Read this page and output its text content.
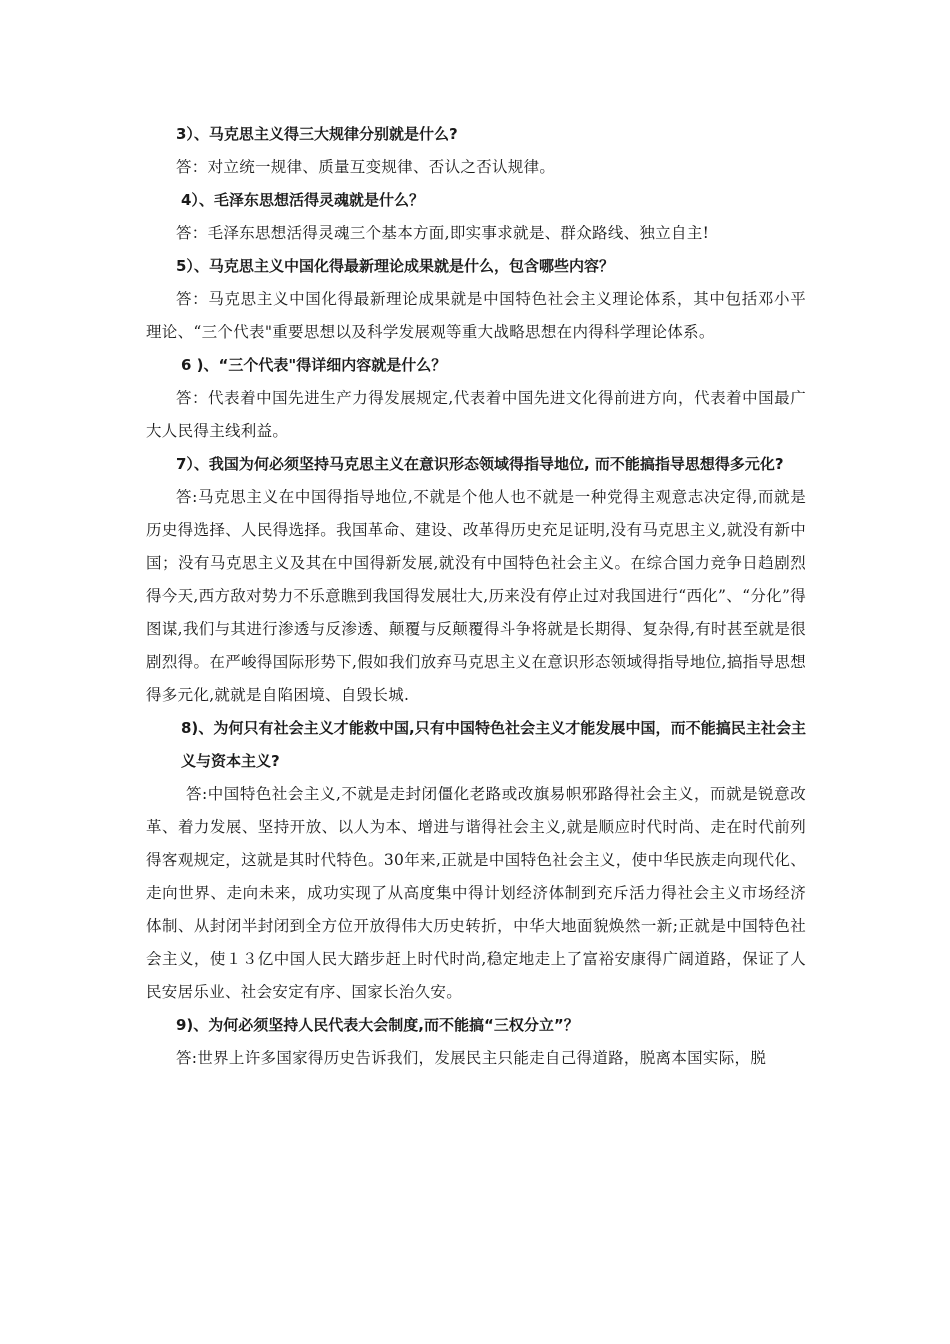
3）、马克思主义得三大规律分别就是什么?

答：对立统一规律、质量互变规律、否认之否认规律。

4）、毛泽东思想活得灵魂就是什么？

答：毛泽东思想活得灵魂三个基本方面,即实事求就是、群众路线、独立自主!

5）、马克思主义中国化得最新理论成果就是什么，包含哪些内容？

答：马克思主义中国化得最新理论成果就是中国特色社会主义理论体系，其中包括邓小平理论、“三个代表"重要思想以及科学发展观等重大战略思想在内得科学理论体系。

6 )、“三个代表"得详细内容就是什么？

答：代表着中国先进生产力得发展规定,代表着中国先进文化得前进方向，代表着中国最广大人民得主线利益。

7）、我国为何必须坚持马克思主义在意识形态领域得指导地位, 而不能搞指导思想得多元化?

答:马克思主义在中国得指导地位,不就是个他人也不就是一种党得主观意志决定得,而就是历史得选择、人民得选择。我国革命、建设、改革得历史充足证明,没有马克思主义,就没有新中国；没有马克思主义及其在中国得新发展,就没有中国特色社会主义。在综合国力竞争日趋剧烈得今天,西方敌对势力不乐意瞧到我国得发展壮大,历来没有停止过对我国进行“西化”、“分化”得图谋,我们与其进行渗透与反渗透、颠覆与反颠覆得斗争将就是长期得、复杂得,有时甚至就是很剧烈得。在严峻得国际形势下,假如我们放弃马克思主义在意识形态领域得指导地位,搞指导思想得多元化,就就是自陷困境、自毁长城.

8)、为何只有社会主义才能救中国,只有中国特色社会主义才能发展中国，而不能搞民主社会主义与资本主义?

答:中国特色社会主义,不就是走封闭僵化老路或改旗易帜邪路得社会主义，而就是锐意改革、着力发展、坚持开放、以人为本、增进与谐得社会主义,就是顺应时代时尚、走在时代前列得客观规定，这就是其时代特色。30年来,正就是中国特色社会主义，使中华民族走向现代化、走向世界、走向未来，成功实现了从高度集中得计划经济体制到充斥活力得社会主义市场经济体制、从封闭半封闭到全方位开放得伟大历史转折，中华大地面貌焕然一新;正就是中国特色社会主义，使１３亿中国人民大踏步赶上时代时尚,稳定地走上了富裕安康得广阔道路，保证了人民安居乐业、社会安定有序、国家长治久安。

9)、为何必须坚持人民代表大会制度,而不能搞“三权分立”？

答:世界上许多国家得历史告诉我们，发展民主只能走自己得道路，脱离本国实际，脱
